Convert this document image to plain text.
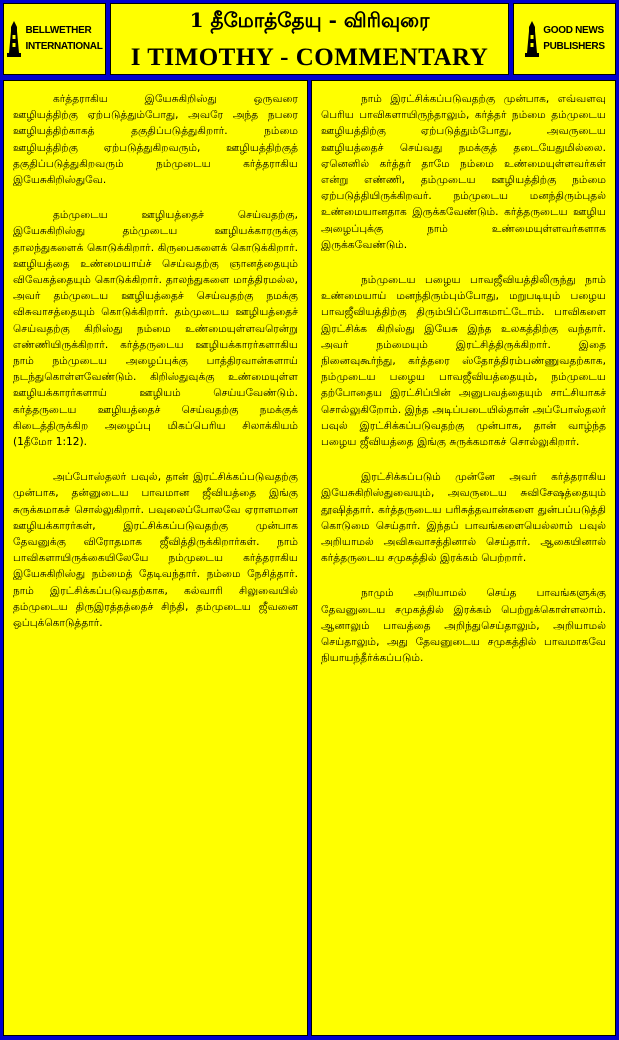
BELLWETHER
INTERNATIONAL
1 தீமோத்தேயு - விரிவுரை
I TIMOTHY - COMMENTARY
GOOD NEWS
PUBLISHERS

கர்த்தராகிய இயேசுகிறிஸ்து ஒருவரை ஊழியத்திற்கு ஏற்படுத்தும்போது, அவரே அந்த நபரை ஊழியத்திற்காகத் தகுதிப்படுத்துகிறார். நம்மை ஊழியத்திற்கு ஏற்படுத்துகிறவரும், ஊழியத்திற்குத் தகுதிப்படுத்துகிறவரும் நம்முடைய கர்த்தராகிய இயேசுகிறிஸ்துவே.

தம்முடைய ஊழியத்தைச் செய்வதற்கு, இயேசுகிறிஸ்து தம்முடைய ஊழியக்காரருக்கு தாலந்துகளைக் கொடுக்கிறார். கிருபைகளைக் கொடுக்கிறார். ஊழியத்தை உண்மையாய்ச் செய்வதற்கு ஞானத்தையும் விவேகத்தையும் கொடுக்கிறார். தாலந்துகளை மாத்திரமல்ல, அவர் தம்முடைய ஊழியத்தைச் செய்வதற்கு நமக்கு விசுவாசத்தையும் கொடுக்கிறார். தம்முடைய ஊழியத்தைச் செய்வதற்கு கிறிஸ்து நம்மை உண்மையுள்ளவரென்று எண்ணியிருக்கிறார். கர்த்தருடைய ஊழியக்காரர்களாகிய நாம் நம்முடைய அழைப்புக்கு பாத்திரவான்களாய் நடந்துகொள்ளவேண்டும். கிறிஸ்துவுக்கு உண்மையுள்ள ஊழியக்காரர்களாய் ஊழியம் செய்யவேண்டும். கர்த்தருடைய ஊழியத்தைச் செய்வதற்கு நமக்குக் கிடைத்திருக்கிற அழைப்பு மிகப்பெரிய சிலாக்கியம் (1தீமோ 1:12).

அப்போஸ்தலர் பவுல், தான் இரட்சிக்கப்படுவதற்கு முன்பாக, தன்னுடைய பாவமான ஜீவியத்தை இங்கு சுருக்கமாகச் சொல்லுகிறார். பவுலைப்போலவே ஏராளமான ஊழியக்காரர்கள், இரட்சிக்கப்படுவதற்கு முன்பாக தேவனுக்கு விரோதமாக ஜீவித்திருக்கிறார்கள். நாம் பாவிகளாயிருக்கையிலேயே நம்முடைய கர்த்தராகிய இயேசுகிறிஸ்து நம்மைத் தேடிவந்தார். நம்மை நேசித்தார். நாம் இரட்சிக்கப்படுவதற்காக, கல்வாரி சிலுவையில் தம்முடைய திருஇரத்தத்தைச் சிந்தி, தம்முடைய ஜீவனை ஒப்புக்கொடுத்தார்.

நாம் இரட்சிக்கப்படுவதற்கு முன்பாக, எவ்வளவு பெரிய பாவிகளாயிருந்தாலும், கர்த்தர் நம்மை தம்முடைய ஊழியத்திற்கு ஏற்படுத்தும்போது, அவருடைய ஊழியத்தைச் செய்வது நமக்குத் தடையேதுமில்லை. ஏனெனில் கர்த்தர் தாமே நம்மை உண்மையுள்ளவர்கள் என்று எண்ணி, தம்முடைய ஊழியத்திற்கு நம்மை ஏற்படுத்தியிருக்கிறவர். நம்முடைய மனந்திரும்புதல் உண்மையானதாக இருக்கவேண்டும். கர்த்தருடைய ஊழிய அழைப்புக்கு நாம் உண்மையுள்ளவர்களாக இருக்கவேண்டும்.

நம்முடைய பழைய பாவஜீவியத்திலிருந்து நாம் உண்மையாய் மனந்திரும்பும்போது, மறுபடியும் பழைய பாவஜீவியத்திற்கு திரும்பிப்போகமாட்டோம். பாவிகளை இரட்சிக்க கிறிஸ்து இயேசு இந்த உலகத்திற்கு வந்தார். அவர் நம்மையும் இரட்சித்திருக்கிறார். இதை நினைவுகூர்ந்து, கர்த்தரை ஸ்தோத்திரம்பண்ணுவதற்காக, நம்முடைய பழைய பாவஜீவியத்தையும், நம்முடைய தற்போதைய இரட்சிப்பின் அனுபவத்தையும் சாட்சியாகச் சொல்லுகிறோம். இந்த அடிப்படையில்தான் அப்போஸ்தலர் பவுல் இரட்சிக்கப்படுவதற்கு முன்பாக, தான் வாழ்ந்த பழைய ஜீவியத்தை இங்கு சுருக்கமாகச் சொல்லுகிறார்.

இரட்சிக்கப்படும் முன்னே அவர் கர்த்தராகிய இயேசுகிறிஸ்துவையும், அவருடைய சுவிசேஷத்தையும் தூஷித்தார். கர்த்தருடைய பரிசுத்தவான்களை துன்பப்படுத்தி கொடுமை செய்தார். இந்தப் பாவங்களையெல்லாம் பவுல் அறியாமல் அவிசுவாசத்தினால் செய்தார். ஆகையினால் கர்த்தருடைய சமுகத்தில் இரக்கம் பெற்றார்.

நாமும் அறியாமல் செய்த பாவங்களுக்கு தேவனுடைய சமுகத்தில் இரக்கம் பெற்றுக்கொள்ளலாம். ஆனாலும் பாவத்தை அறிந்துசெய்தாலும், அறியாமல் செய்தாலும், அது தேவனுடைய சமுகத்தில் பாவமாகவே நியாயந்தீர்க்கப்படும்.
